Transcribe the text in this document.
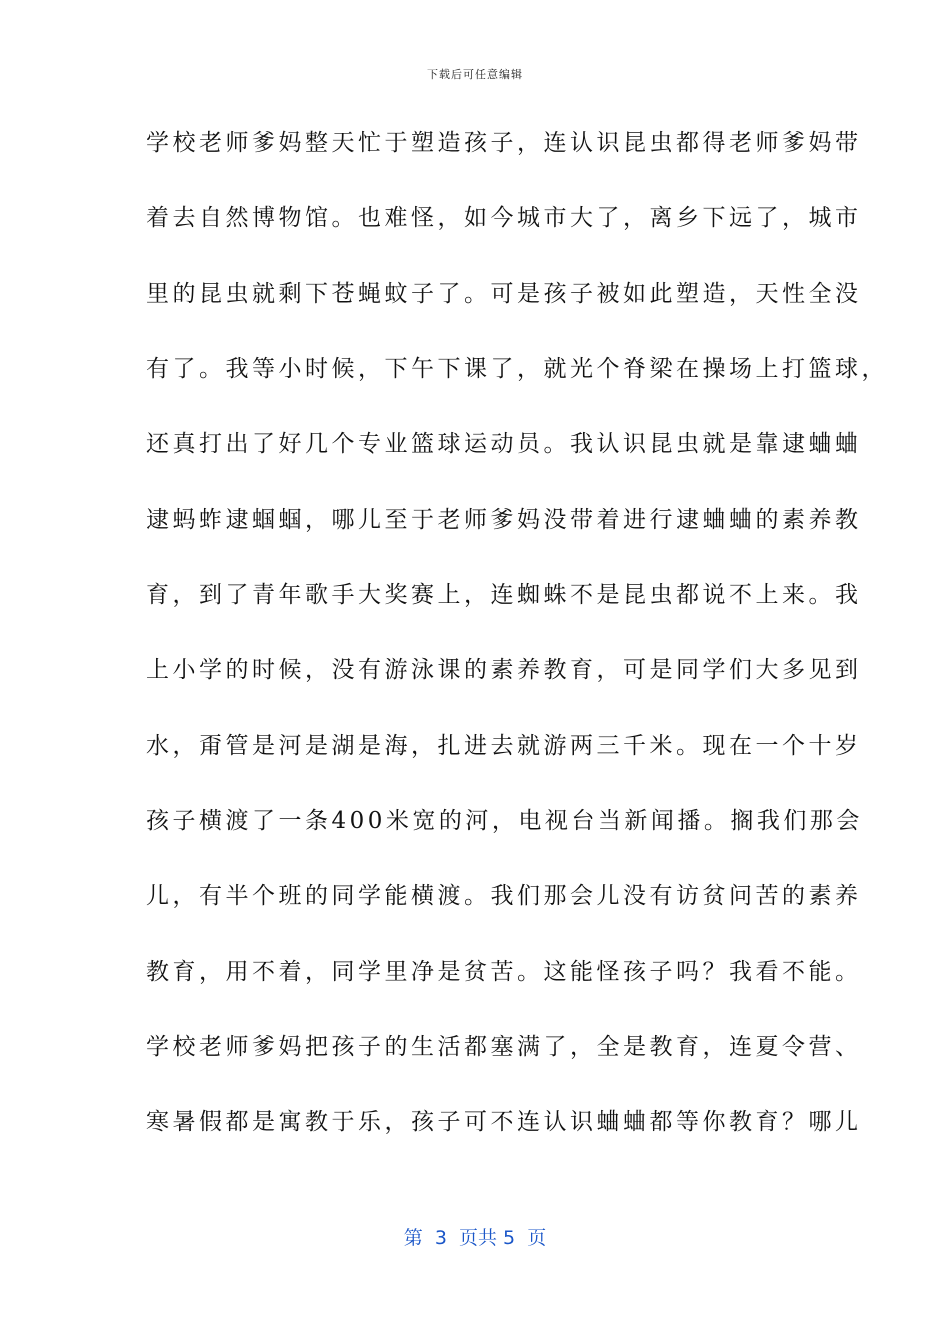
下载后可任意编辑
学校老师爹妈整天忙于塑造孩子，连认识昆虫都得老师爹妈带
着去自然博物馆。也难怪，如今城市大了，离乡下远了，城市
里的昆虫就剩下苍蝇蚊子了。可是孩子被如此塑造，天性全没
有了。我等小时候，下午下课了，就光个脊梁在操场上打篮球，
还真打出了好几个专业篮球运动员。我认识昆虫就是靠逮蛐蛐
逮蚂蚱逮蝈蝈，哪儿至于老师爹妈没带着进行逮蛐蛐的素养教
育，到了青年歌手大奖赛上，连蜘蛛不是昆虫都说不上来。我
上小学的时候，没有游泳课的素养教育，可是同学们大多见到
水，甭管是河是湖是海，扎进去就游两三千米。现在一个十岁
孩子横渡了一条400米宽的河，电视台当新闻播。搁我们那会
儿，有半个班的同学能横渡。我们那会儿没有访贫问苦的素养
教育，用不着，同学里净是贫苦。这能怪孩子吗？我看不能。
学校老师爹妈把孩子的生活都塞满了，全是教育，连夏令营、
寒暑假都是寓教于乐，孩子可不连认识蛐蛐都等你教育？哪儿
第  3  页共 5  页
